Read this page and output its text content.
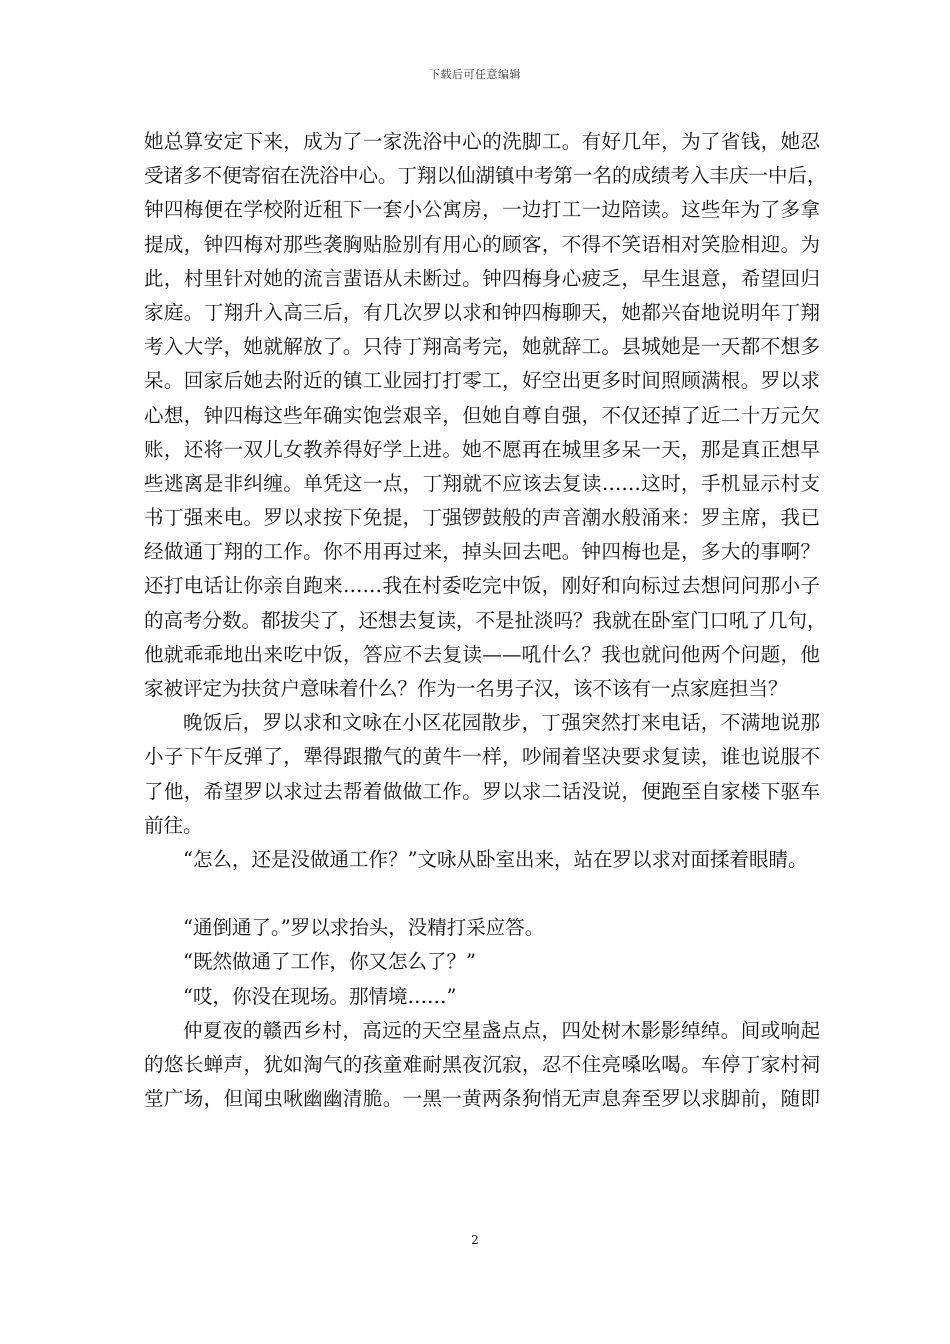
下载后可任意编辑
她总算安定下来，成为了一家洗浴中心的洗脚工。有好几年，为了省钱，她忍
受诸多不便寄宿在洗浴中心。丁翔以仙湖镇中考第一名的成绩考入丰庆一中后，
钟四梅便在学校附近租下一套小公寓房，一边打工一边陪读。这些年为了多拿
提成，钟四梅对那些袭胸贴脸别有用心的顾客，不得不笑语相对笑脸相迎。为
此，村里针对她的流言蜚语从未断过。钟四梅身心疲乏，早生退意，希望回归
家庭。丁翔升入高三后，有几次罗以求和钟四梅聊天，她都兴奋地说明年丁翔
考入大学，她就解放了。只待丁翔高考完，她就辞工。县城她是一天都不想多
呆。回家后她去附近的镇工业园打打零工，好空出更多时间照顾满根。罗以求
心想，钟四梅这些年确实饱尝艰辛，但她自尊自强，不仅还掉了近二十万元欠
账，还将一双儿女教养得好学上进。她不愿再在城里多呆一天，那是真正想早
些逃离是非纠缠。单凭这一点，丁翔就不应该去复读……这时，手机显示村支
书丁强来电。罗以求按下免提，丁强锣鼓般的声音潮水般涌来：罗主席，我已
经做通丁翔的工作。你不用再过来，掉头回去吧。钟四梅也是，多大的事啊？
还打电话让你亲自跑来……我在村委吃完中饭，刚好和向标过去想问问那小子
的高考分数。都拔尖了，还想去复读，不是扯淡吗？我就在卧室门口吼了几句，
他就乖乖地出来吃中饭，答应不去复读——吼什么？我也就问他两个问题，他
家被评定为扶贫户意味着什么？作为一名男子汉，该不该有一点家庭担当？
晚饭后，罗以求和文咏在小区花园散步，丁强突然打来电话，不满地说那
小子下午反弹了，犟得跟撒气的黄牛一样，吵闹着坚决要求复读，谁也说服不
了他，希望罗以求过去帮着做做工作。罗以求二话没说，便跑至自家楼下驱车
前往。
“怎么，还是没做通工作？”文咏从卧室出来，站在罗以求对面揉着眼睛。
“通倒通了。”罗以求抬头，没精打采应答。
“既然做通了工作，你又怎么了？”
“哎，你没在现场。那情境……”
仲夏夜的赣西乡村，高远的天空星盏点点，四处树木影影绰绰。间或响起
的悠长蝉声，犹如淘气的孩童难耐黑夜沉寂，忍不住亮嗓吆喝。车停丁家村祠
堂广场，但闻虫啾幽幽清脆。一黑一黄两条狗悄无声息奔至罗以求脚前，随即
2
